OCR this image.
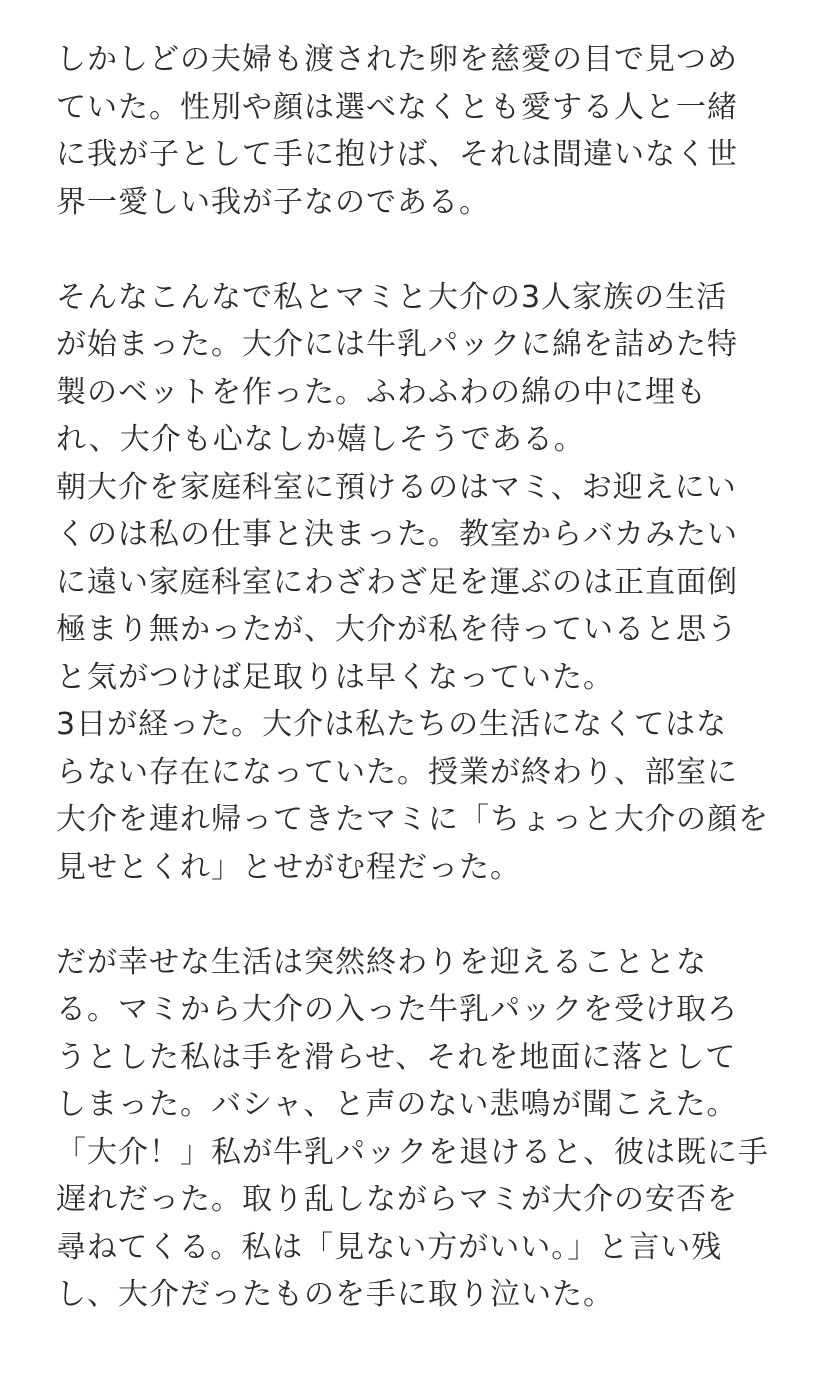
しかしどの夫婦も渡された卵を慈愛の目で見つめ
ていた。性別や顔は選べなくとも愛する人と一緒
に我が子として手に抱けば、それは間違いなく世
界一愛しい我が子なのである。
そんなこんなで私とマミと大介の3人家族の生活
が始まった。大介には牛乳パックに綿を詰めた特
製のベットを作った。ふわふわの綿の中に埋も
れ、大介も心なしか嬉しそうである。
朝大介を家庭科室に預けるのはマミ、お迎えにい
くのは私の仕事と決まった。教室からバカみたい
に遠い家庭科室にわざわざ足を運ぶのは正直面倒
極まり無かったが、大介が私を待っていると思う
と気がつけば足取りは早くなっていた。
3日が経った。大介は私たちの生活になくてはな
らない存在になっていた。授業が終わり、部室に
大介を連れ帰ってきたマミに「ちょっと大介の顔を
見せとくれ」とせがむ程だった。
だが幸せな生活は突然終わりを迎えることとな
る。マミから大介の入った牛乳パックを受け取ろ
うとした私は手を滑らせ、それを地面に落として
しまった。バシャ、と声のない悲鳴が聞こえた。
「大介！」私が牛乳パックを退けると、彼は既に手
遅れだった。取り乱しながらマミが大介の安否を
尋ねてくる。私は「見ない方がいい。」と言い残
し、大介だったものを手に取り泣いた。
